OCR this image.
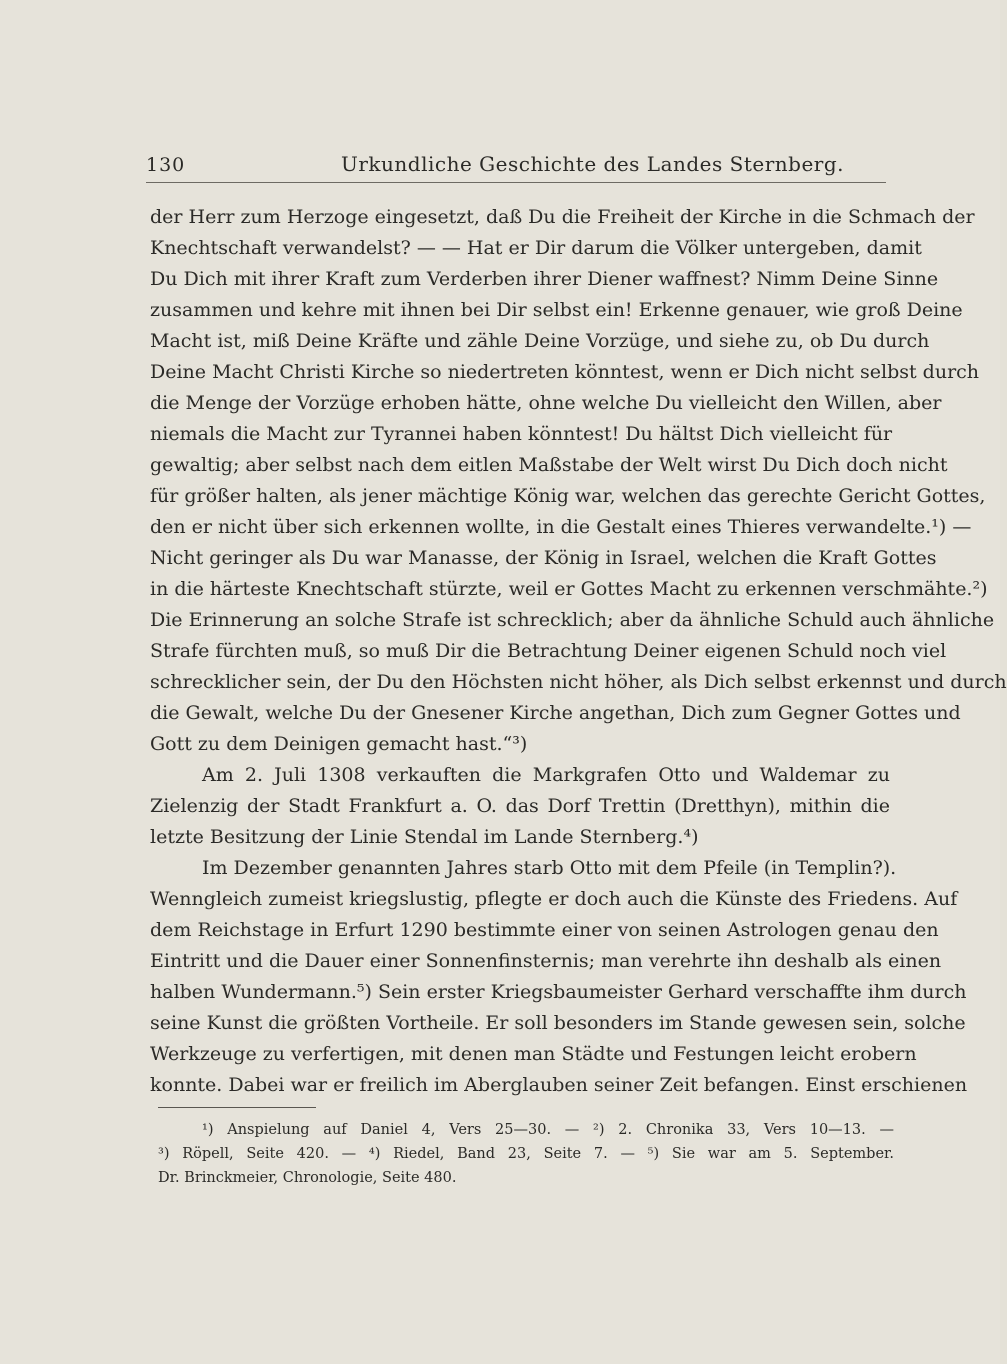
130	Urkundliche Geschichte des Landes Sternberg.
der Herr zum Herzoge eingesetzt, daß Du die Freiheit der Kirche in die Schmach der
Knechtschaft verwandelst? — — Hat er Dir darum die Völker untergeben, damit
Du Dich mit ihrer Kraft zum Verderben ihrer Diener waffnest? Nimm Deine Sinne
zusammen und kehre mit ihnen bei Dir selbst ein! Erkenne genauer, wie groß Deine
Macht ist, miß Deine Kräfte und zähle Deine Vorzüge, und siehe zu, ob Du durch
Deine Macht Christi Kirche so niedertreten könntest, wenn er Dich nicht selbst durch
die Menge der Vorzüge erhoben hätte, ohne welche Du vielleicht den Willen, aber
niemals die Macht zur Tyrannei haben könntest! Du hältst Dich vielleicht für
gewaltig; aber selbst nach dem eitlen Maßstabe der Welt wirst Du Dich doch nicht
für größer halten, als jener mächtige König war, welchen das gerechte Gericht Gottes,
den er nicht über sich erkennen wollte, in die Gestalt eines Thieres verwandelte.¹) —
Nicht geringer als Du war Manasse, der König in Israel, welchen die Kraft Gottes
in die härteste Knechtschaft stürzte, weil er Gottes Macht zu erkennen verschmähte.²)
Die Erinnerung an solche Strafe ist schrecklich; aber da ähnliche Schuld auch ähnliche
Strafe fürchten muß, so muß Dir die Betrachtung Deiner eigenen Schuld noch viel
schrecklicher sein, der Du den Höchsten nicht höher, als Dich selbst erkennst und durch
die Gewalt, welche Du der Gnesener Kirche angethan, Dich zum Gegner Gottes und
Gott zu dem Deinigen gemacht hast.“³)
Am 2. Juli 1308 verkauften die Markgrafen Otto und Waldemar zu
Zielenzig der Stadt Frankfurt a. O. das Dorf Trettin (Dretthyn), mithin die
letzte Besitzung der Linie Stendal im Lande Sternberg.⁴)
Im Dezember genannten Jahres starb Otto mit dem Pfeile (in Templin?).
Wenngleich zumeist kriegslustig, pflegte er doch auch die Künste des Friedens. Auf
dem Reichstage in Erfurt 1290 bestimmte einer von seinen Astrologen genau den
Eintritt und die Dauer einer Sonnenfinsternis; man verehrte ihn deshalb als einen
halben Wundermann.⁵) Sein erster Kriegsbaumeister Gerhard verschaffte ihm durch
seine Kunst die größten Vortheile. Er soll besonders im Stande gewesen sein, solche
Werkzeuge zu verfertigen, mit denen man Städte und Festungen leicht erobern
konnte. Dabei war er freilich im Aberglauben seiner Zeit befangen. Einst erschienen
¹) Anspielung auf Daniel 4, Vers 25—30. — ²) 2. Chronika 33, Vers 10—13. —
³) Röpell, Seite 420. — ⁴) Riedel, Band 23, Seite 7. — ⁵) Sie war am 5. September.
Dr. Brinckmeier, Chronologie, Seite 480.
